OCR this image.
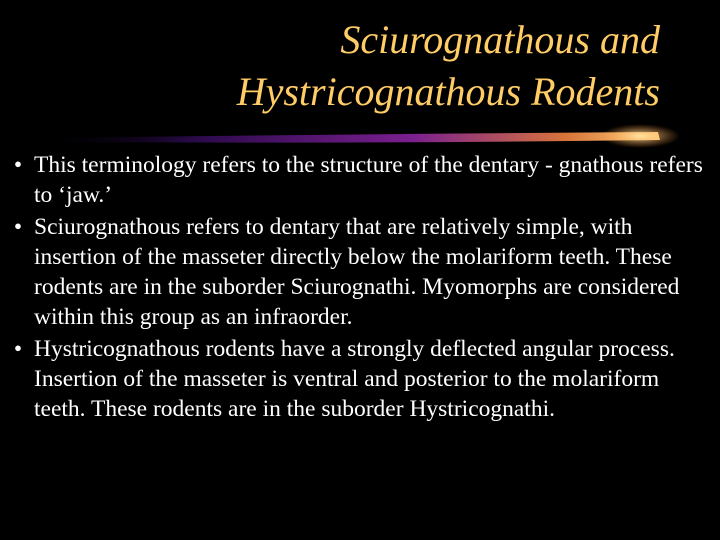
Sciurognathous and
Hystricognathous Rodents
• This terminology refers to the structure of the dentary - gnathous refers to ‘jaw.’
• Sciurognathous refers to dentary that are relatively simple, with insertion of the masseter directly below the molariform teeth. These rodents are in the suborder Sciurognathi. Myomorphs are considered within this group as an infraorder.
• Hystricognathous rodents have a strongly deflected angular process. Insertion of the masseter is ventral and posterior to the molariform teeth. These rodents are in the suborder Hystricognathi.
